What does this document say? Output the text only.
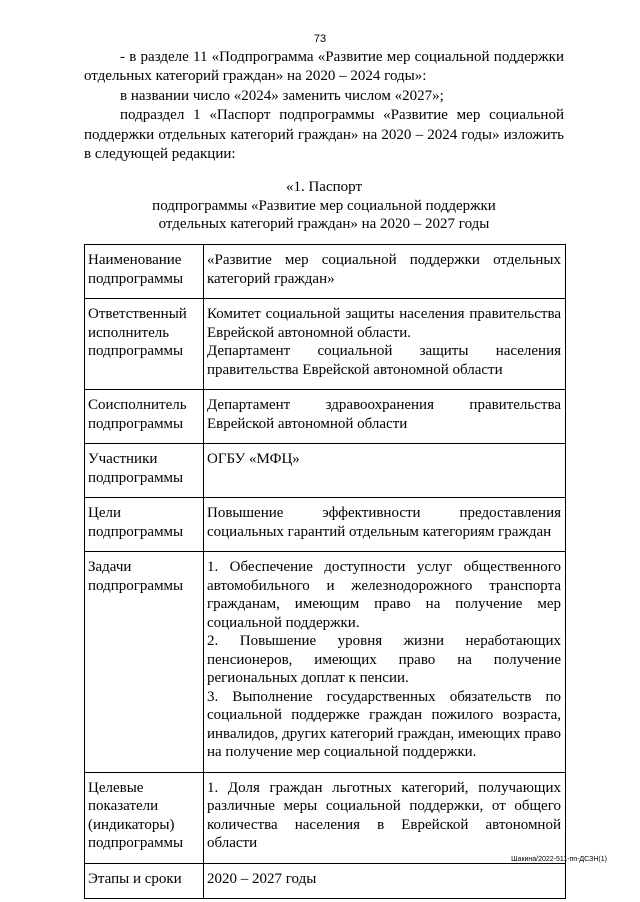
73

- в разделе 11 «Подпрограмма «Развитие мер социальной поддержки отдельных категорий граждан» на 2020 – 2024 годы»:

в названии число «2024» заменить числом «2027»;

подраздел 1 «Паспорт подпрограммы «Развитие мер социальной поддержки отдельных категорий граждан» на 2020 – 2024 годы» изложить в следующей редакции:

«1. Паспорт
подпрограммы «Развитие мер социальной поддержки отдельных категорий граждан» на 2020 – 2027 годы
Наименование подпрограммы	«Развитие мер социальной поддержки отдельных категорий граждан»

Ответственный исполнитель подпрограммы	Комитет социальной защиты населения правительства Еврейской автономной области.
Департамент социальной защиты населения правительства Еврейской автономной области

Соисполнитель подпрограммы	Департамент здравоохранения правительства Еврейской автономной области

Участники подпрограммы	ОГБУ «МФЦ»

Цели подпрограммы	Повышение эффективности предоставления социальных гарантий отдельным категориям граждан

Задачи подпрограммы	1. Обеспечение доступности услуг общественного автомобильного и железнодорожного транспорта гражданам, имеющим право на получение мер социальной поддержки.
2. Повышение уровня жизни неработающих пенсионеров, имеющих право на получение региональных доплат к пенсии.
3. Выполнение государственных обязательств по социальной поддержке граждан пожилого возраста, инвалидов, других категорий граждан, имеющих право на получение мер социальной поддержки.

Целевые показатели (индикаторы) подпрограммы	1. Доля граждан льготных категорий, получающих различные меры социальной поддержки, от общего количества населения в Еврейской автономной области

Этапы и сроки	2020 – 2027 годы
Шакина/2022-511-пп-ДСЗН(1)
